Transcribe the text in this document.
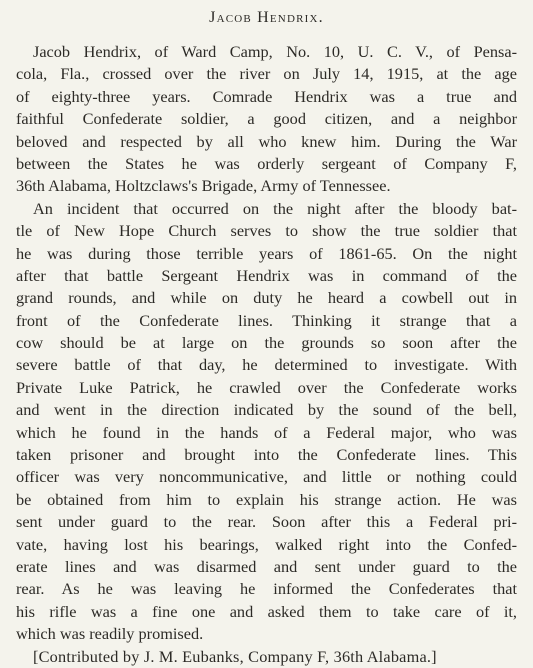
Jacob Hendrix.
Jacob Hendrix, of Ward Camp, No. 10, U. C. V., of Pensa-
cola, Fla., crossed over the river on July 14, 1915, at the age
of eighty-three years. Comrade Hendrix was a true and
faithful Confederate soldier, a good citizen, and a neighbor
beloved and respected by all who knew him. During the War
between the States he was orderly sergeant of Company F,
36th Alabama, Holtzclaws's Brigade, Army of Tennessee.
An incident that occurred on the night after the bloody bat-
tle of New Hope Church serves to show the true soldier that
he was during those terrible years of 1861-65. On the night
after that battle Sergeant Hendrix was in command of the
grand rounds, and while on duty he heard a cowbell out in
front of the Confederate lines. Thinking it strange that a
cow should be at large on the grounds so soon after the
severe battle of that day, he determined to investigate. With
Private Luke Patrick, he crawled over the Confederate works
and went in the direction indicated by the sound of the bell,
which he found in the hands of a Federal major, who was
taken prisoner and brought into the Confederate lines. This
officer was very noncommunicative, and little or nothing could
be obtained from him to explain his strange action. He was
sent under guard to the rear. Soon after this a Federal pri-
vate, having lost his bearings, walked right into the Confed-
erate lines and was disarmed and sent under guard to the
rear. As he was leaving he informed the Confederates that
his rifle was a fine one and asked them to take care of it,
which was readily promised.
[Contributed by J. M. Eubanks, Company F, 36th Alabama.]
